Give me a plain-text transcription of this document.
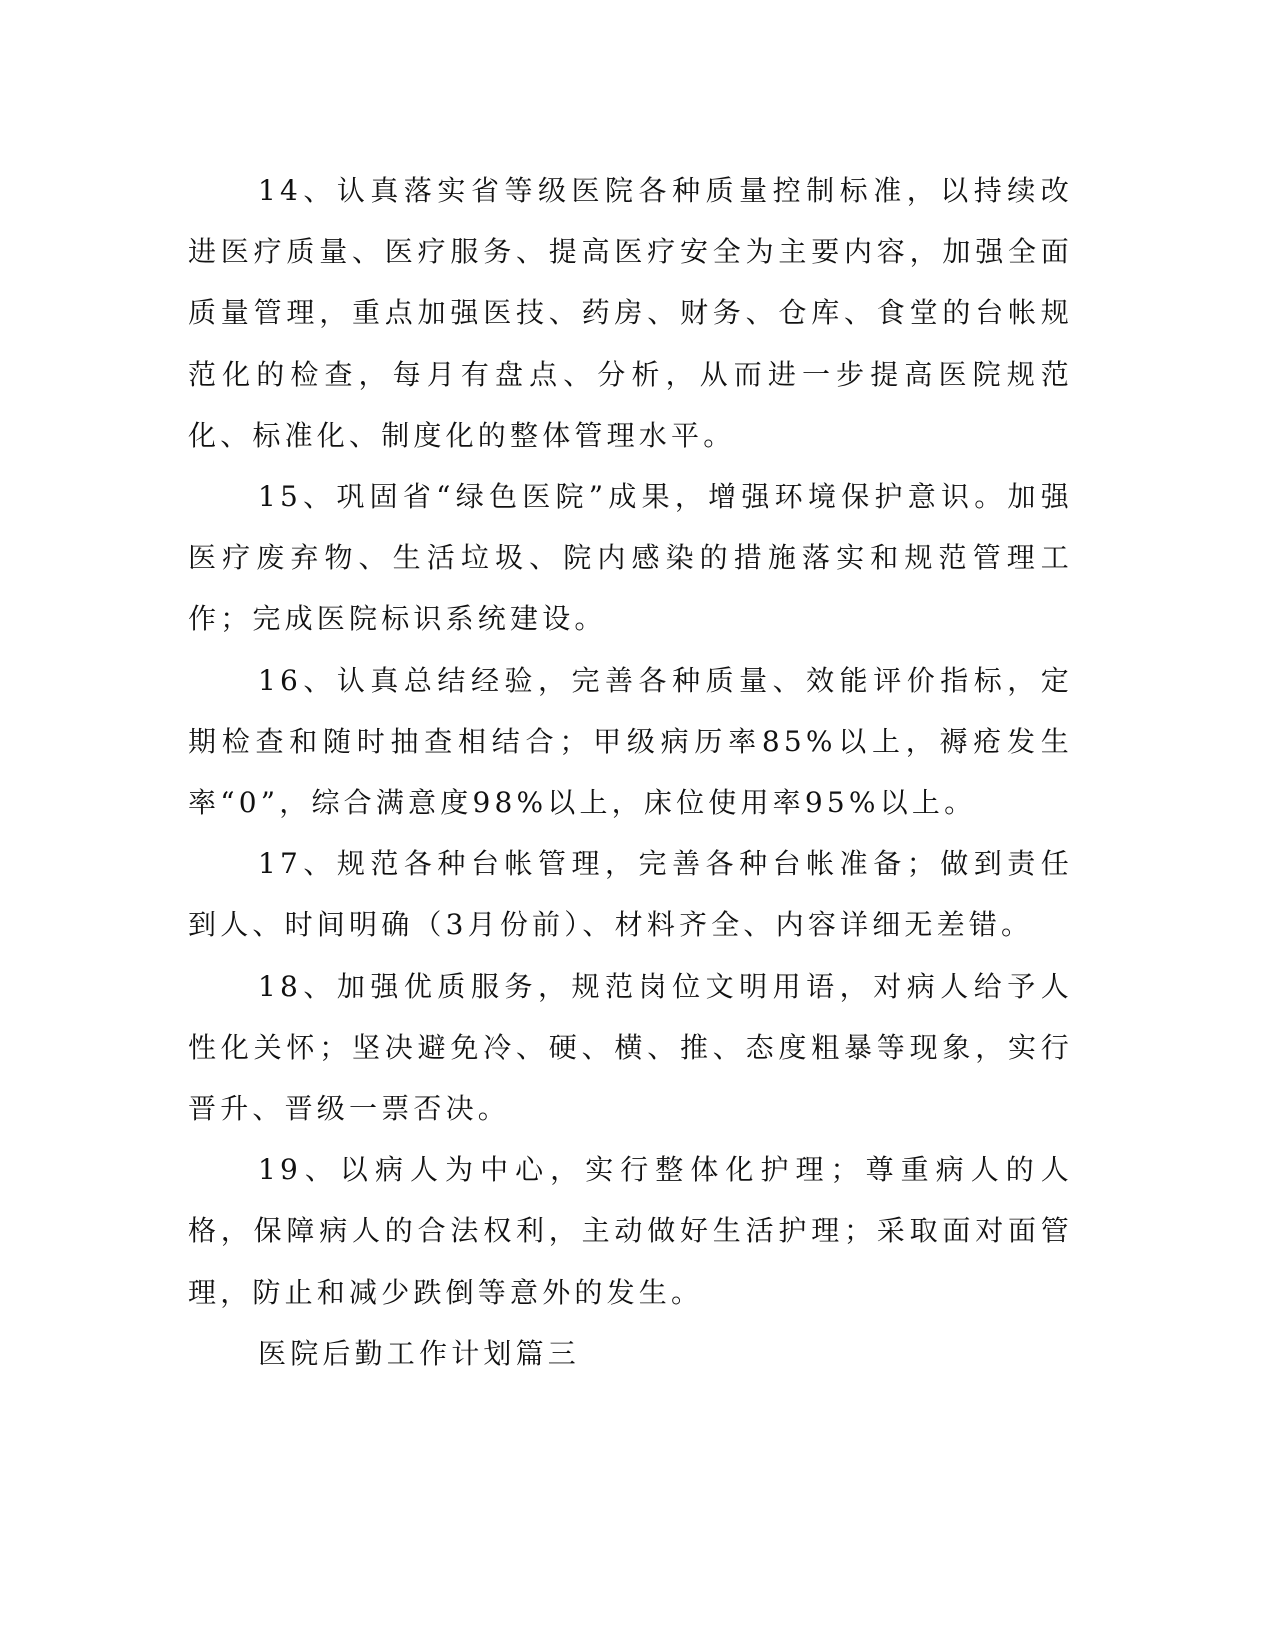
14、认真落实省等级医院各种质量控制标准，以持续改进医疗质量、医疗服务、提高医疗安全为主要内容，加强全面质量管理，重点加强医技、药房、财务、仓库、食堂的台帐规范化的检查，每月有盘点、分析，从而进一步提高医院规范化、标准化、制度化的整体管理水平。

15、巩固省“绿色医院”成果，增强环境保护意识。加强医疗废弃物、生活垃圾、院内感染的措施落实和规范管理工作；完成医院标识系统建设。

16、认真总结经验，完善各种质量、效能评价指标，定期检查和随时抽查相结合；甲级病历率85%以上，褥疮发生率“0”，综合满意度98%以上，床位使用率95%以上。

17、规范各种台帐管理，完善各种台帐准备；做到责任到人、时间明确（3月份前）、材料齐全、内容详细无差错。

18、加强优质服务，规范岗位文明用语，对病人给予人性化关怀；坚决避免冷、硬、横、推、态度粗暴等现象，实行晋升、晋级一票否决。

19、以病人为中心，实行整体化护理；尊重病人的人格，保障病人的合法权利，主动做好生活护理；采取面对面管理，防止和减少跌倒等意外的发生。

医院后勤工作计划篇三
